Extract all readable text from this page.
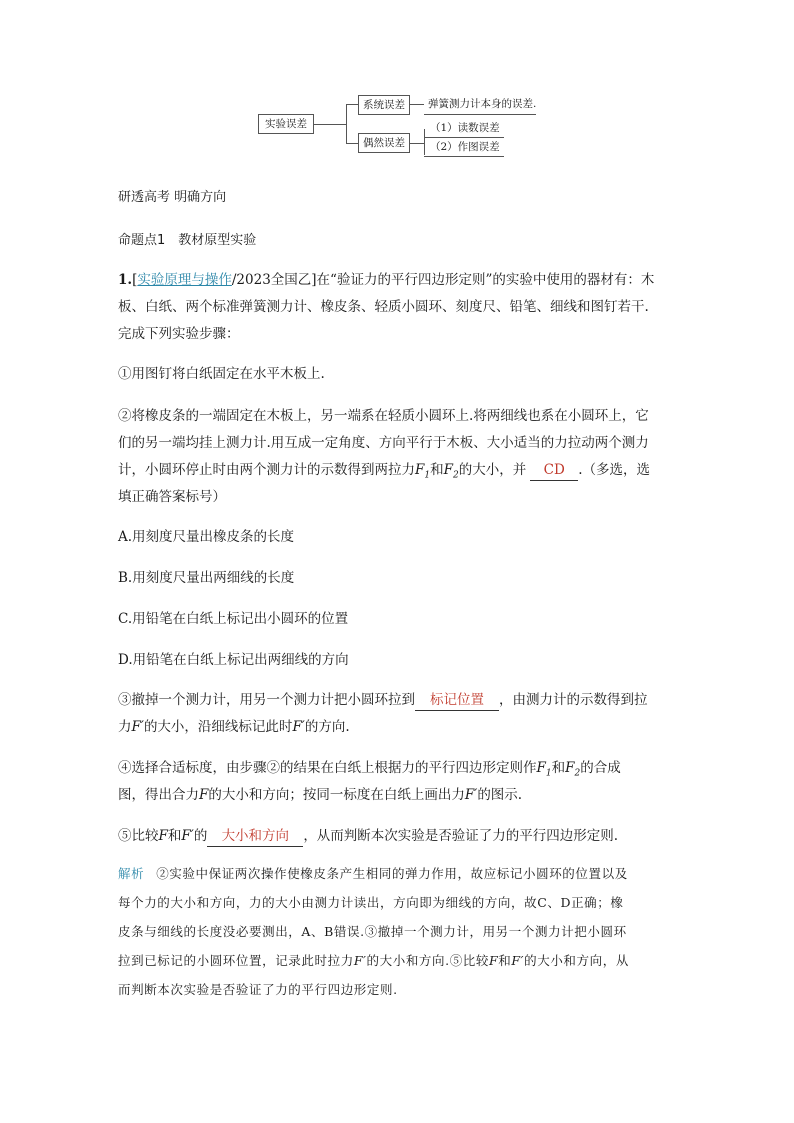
实验误差
系统误差	弹簧测力计本身的误差.
偶然误差
（1）读数误差
（2）作图误差
研透高考 明确方向
命题点1　教材原型实验
1.[实验原理与操作/2023全国乙]在“验证力的平行四边形定则”的实验中使用的器材有：木
板、白纸、两个标准弹簧测力计、橡皮条、轻质小圆环、刻度尺、铅笔、细线和图钉若干.
完成下列实验步骤：
①用图钉将白纸固定在水平木板上.
②将橡皮条的一端固定在木板上，另一端系在轻质小圆环上.将两细线也系在小圆环上，它
们的另一端均挂上测力计.用互成一定角度、方向平行于木板、大小适当的力拉动两个测力
计，小圆环停止时由两个测力计的示数得到两拉力$F_1$和$F_2$的大小，并 CD .（多选，选
填正确答案标号）
A.用刻度尺量出橡皮条的长度
B.用刻度尺量出两细线的长度
C.用铅笔在白纸上标记出小圆环的位置
D.用铅笔在白纸上标记出两细线的方向
③撤掉一个测力计，用另一个测力计把小圆环拉到 标记位置 ，由测力计的示数得到拉
力F′的大小，沿细线标记此时F′的方向.
④选择合适标度，由步骤②的结果在白纸上根据力的平行四边形定则作$F_1$和$F_2$的合成
图，得出合力F的大小和方向；按同一标度在白纸上画出力F′的图示.
⑤比较F和F′的 大小和方向 ，从而判断本次实验是否验证了力的平行四边形定则.
解析 ②实验中保证两次操作使橡皮条产生相同的弹力作用，故应标记小圆环的位置以及
每个力的大小和方向，力的大小由测力计读出，方向即为细线的方向，故C、D正确；橡
皮条与细线的长度没必要测出，A、B错误.③撤掉一个测力计，用另一个测力计把小圆环
拉到已标记的小圆环位置，记录此时拉力F′的大小和方向.⑤比较F和F′的大小和方向，从
而判断本次实验是否验证了力的平行四边形定则.
